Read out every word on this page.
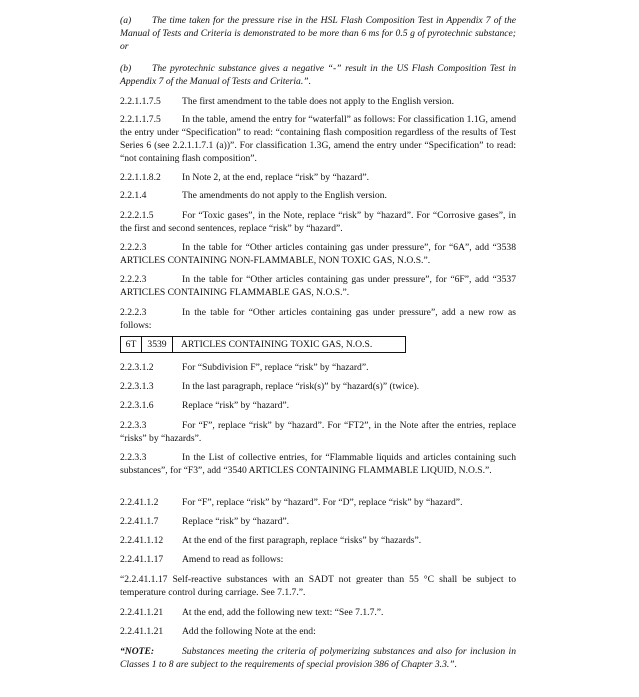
(a) The time taken for the pressure rise in the HSL Flash Composition Test in Appendix 7 of the Manual of Tests and Criteria is demonstrated to be more than 6 ms for 0.5 g of pyrotechnic substance; or

(b) The pyrotechnic substance gives a negative “-” result in the US Flash Composition Test in Appendix 7 of the Manual of Tests and Criteria.”.

2.2.1.1.7.5 The first amendment to the table does not apply to the English version.

2.2.1.1.7.5 In the table, amend the entry for “waterfall” as follows: For classification 1.1G, amend the entry under “Specification” to read: “containing flash composition regardless of the results of Test Series 6 (see 2.2.1.1.7.1 (a))”. For classification 1.3G, amend the entry under “Specification” to read: “not containing flash composition”.

2.2.1.1.8.2 In Note 2, at the end, replace “risk” by “hazard”.

2.2.1.4	The amendments do not apply to the English version.

2.2.2.1.5	For “Toxic gases”, in the Note, replace “risk” by “hazard”. For “Corrosive gases”, in the first and second sentences, replace “risk” by “hazard”.

2.2.2.3	In the table for “Other articles containing gas under pressure”, for “6A”, add “3538 ARTICLES CONTAINING NON-FLAMMABLE, NON TOXIC GAS, N.O.S.”.

2.2.2.3	In the table for “Other articles containing gas under pressure”, for “6F”, add “3537 ARTICLES CONTAINING FLAMMABLE GAS, N.O.S.”.

2.2.2.3	In the table for “Other articles containing gas under pressure”, add a new row as follows:

6T	3539	ARTICLES CONTAINING TOXIC GAS, N.O.S.

2.2.3.1.2	For “Subdivision F”, replace “risk” by “hazard”.

2.2.3.1.3	In the last paragraph, replace “risk(s)” by “hazard(s)” (twice).

2.2.3.1.6	Replace “risk” by “hazard”.

2.2.3.3	For “F”, replace “risk” by “hazard”. For “FT2”, in the Note after the entries, replace “risks” by “hazards”.

2.2.3.3	In the List of collective entries, for “Flammable liquids and articles containing such substances”, for “F3”, add “3540 ARTICLES CONTAINING FLAMMABLE LIQUID, N.O.S.”.

2.2.41.1.2 For “F”, replace “risk” by “hazard”. For “D”, replace “risk” by “hazard”.

2.2.41.1.7 Replace “risk” by “hazard”.

2.2.41.1.12 At the end of the first paragraph, replace “risks” by “hazards”.

2.2.41.1.17 Amend to read as follows:

“2.2.41.1.17 Self-reactive substances with an SADT not greater than 55 °C shall be subject to temperature control during carriage. See 7.1.7.”.

2.2.41.1.21 At the end, add the following new text: “See 7.1.7.”.

2.2.41.1.21 Add the following Note at the end:

“NOTE:	Substances meeting the criteria of polymerizing substances and also for inclusion in Classes 1 to 8 are subject to the requirements of special provision 386 of Chapter 3.3.”.
